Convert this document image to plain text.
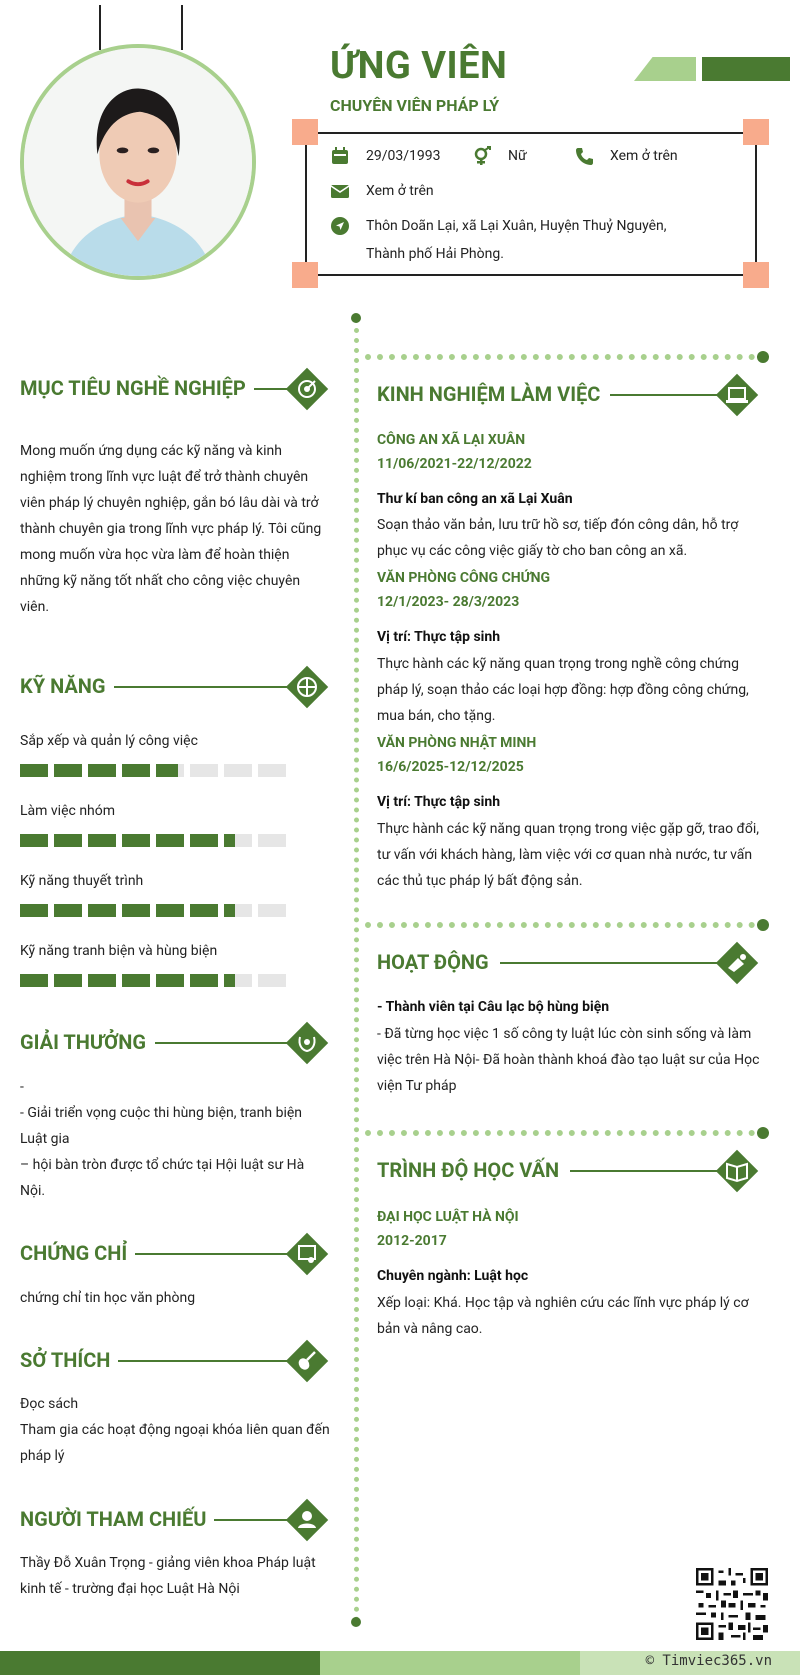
ỨNG VIÊN
CHUYÊN VIÊN PHÁP LÝ
29/03/1993	Nữ	Xem ở trên
Xem ở trên
Thôn Doãn Lại, xã Lại Xuân, Huyện Thuỷ Nguyên,
Thành phố Hải Phòng.
MỤC TIÊU NGHỀ NGHIỆP
Mong muốn ứng dụng các kỹ năng và kinh
nghiệm trong lĩnh vực luật để trở thành chuyên
viên pháp lý chuyên nghiệp, gắn bó lâu dài và trở
thành chuyên gia trong lĩnh vực pháp lý. Tôi cũng
mong muốn vừa học vừa làm để hoàn thiện
những kỹ năng tốt nhất cho công việc chuyên
viên.
KỸ NĂNG
Sắp xếp và quản lý công việc
Làm việc nhóm
Kỹ năng thuyết trình
Kỹ năng tranh biện và hùng biện
GIẢI THƯỞNG
-
- Giải triển vọng cuộc thi hùng biện, tranh biện
Luật gia
– hội bàn tròn được tổ chức tại Hội luật sư Hà
Nội.
CHỨNG CHỈ
chứng chỉ tin học văn phòng
SỞ THÍCH
Đọc sách
Tham gia các hoạt động ngoại khóa liên quan đến
pháp lý
NGƯỜI THAM CHIẾU
Thầy Đỗ Xuân Trọng - giảng viên khoa Pháp luật
kinh tế - trường đại học Luật Hà Nội
KINH NGHIỆM LÀM VIỆC
CÔNG AN XÃ LẠI XUÂN
11/06/2021-22/12/2022
Thư kí ban công an xã Lại Xuân
Soạn thảo văn bản, lưu trữ hồ sơ, tiếp đón công dân, hỗ trợ
phục vụ các công việc giấy tờ cho ban công an xã.
VĂN PHÒNG CÔNG CHỨNG
12/1/2023- 28/3/2023
Vị trí: Thực tập sinh
Thực hành các kỹ năng quan trọng trong nghề công chứng
pháp lý, soạn thảo các loại hợp đồng: hợp đồng công chứng,
mua bán, cho tặng.
VĂN PHÒNG NHẬT MINH
16/6/2025-12/12/2025
Vị trí: Thực tập sinh
Thực hành các kỹ năng quan trọng trong việc gặp gỡ, trao đổi,
tư vấn với khách hàng, làm việc với cơ quan nhà nước, tư vấn
các thủ tục pháp lý bất động sản.
HOẠT ĐỘNG
- Thành viên tại Câu lạc bộ hùng biện
- Đã từng học việc 1 số công ty luật lúc còn sinh sống và làm
việc trên Hà Nội- Đã hoàn thành khoá đào tạo luật sư của Học
viện Tư pháp
TRÌNH ĐỘ HỌC VẤN
ĐẠI HỌC LUẬT HÀ NỘI
2012-2017
Chuyên ngành: Luật học
Xếp loại: Khá. Học tập và nghiên cứu các lĩnh vực pháp lý cơ
bản và nâng cao.
© Timviec365.vn
